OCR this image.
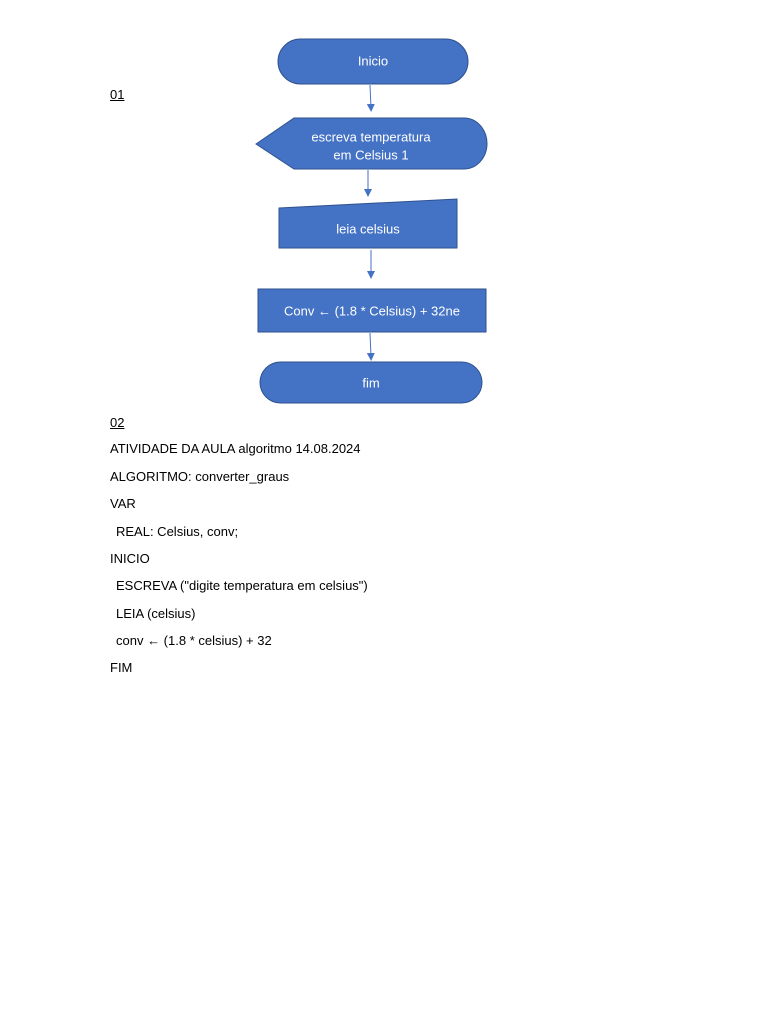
Inicio
escreva temperatura
em Celsius 1
leia celsius
Conv ← (1.8 * Celsius) + 32ne
fim
01
02
ATIVIDADE DA AULA algoritmo 14.08.2024
ALGORITMO: converter_graus
VAR
REAL: Celsius, conv;
INICIO
ESCREVA ("digite temperatura em celsius")
LEIA (celsius)
conv ← (1.8 * celsius) + 32
FIM
